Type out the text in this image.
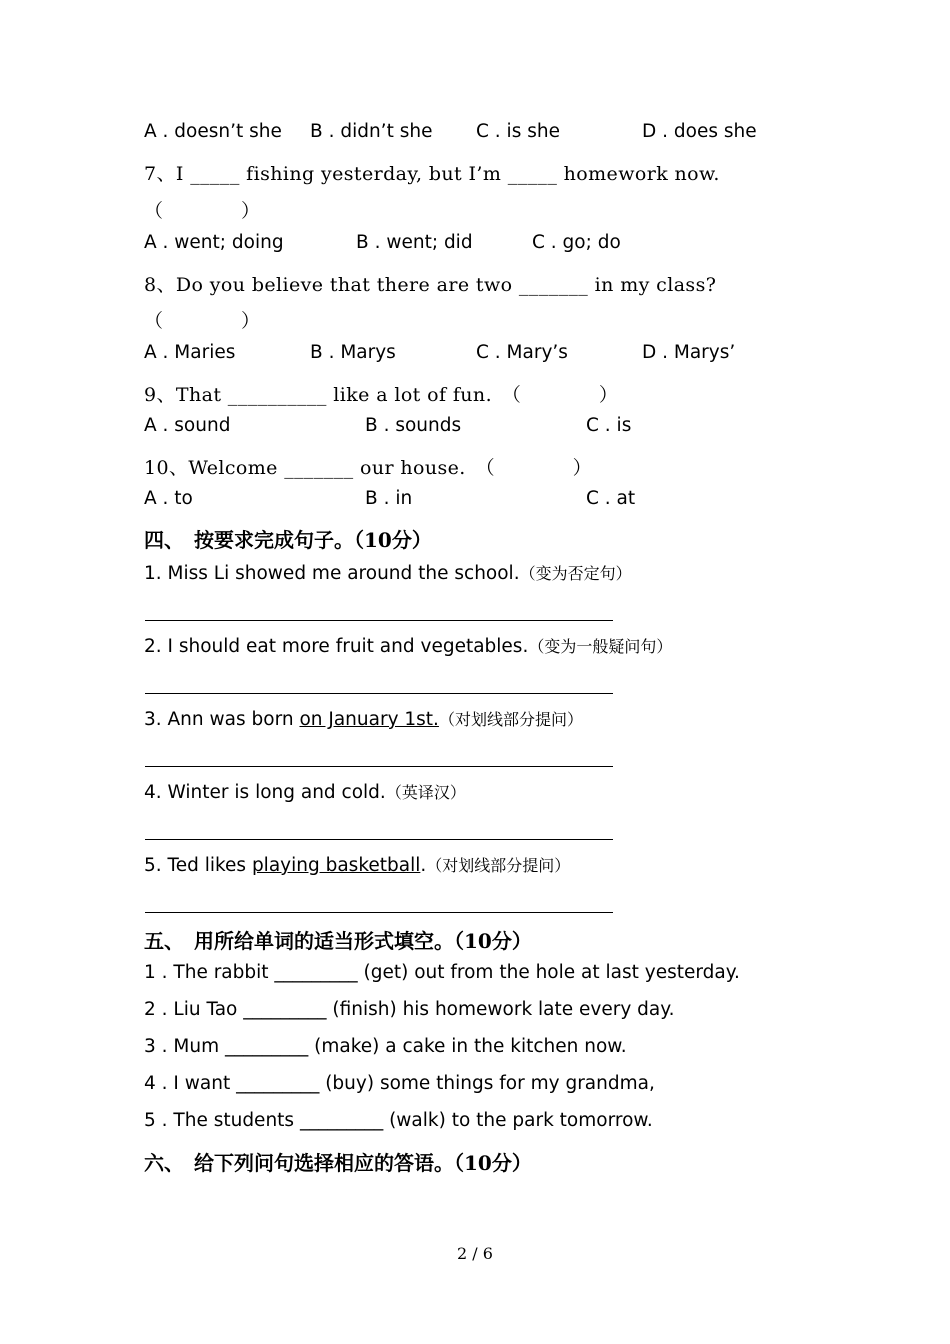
A . doesn’t she B . didn’t she C . is she	D . does she
7、I _____ fishing yesterday, but I’m _____ homework now.
（　　　　）
A . went; doing	B . went; did	C . go; do
8、Do you believe that there are two _______ in my class?
（　　　　）
A . Maries	B . Marys	C . Mary’s	D . Marys’
9、That __________ like a lot of fun.　（　　　　）
A . sound	B . sounds	C . is
10、Welcome _______ our house.　（　　　　）
A . to	B . in	C . at
四、　按要求完成句子。（10分）
1. Miss Li showed me around the school.（变为否定句）
2. I should eat more fruit and vegetables.（变为一般疑问句）
3. Ann was born on January 1st.（对划线部分提问）
4. Winter is long and cold.（英译汉）
5. Ted likes playing basketball.（对划线部分提问）
五、　用所给单词的适当形式填空。（10分）
1 . The rabbit _________ (get) out from the hole at last yesterday.
2 . Liu Tao _________ (finish) his homework late every day.
3 . Mum _________ (make) a cake in the kitchen now.
4 . I want _________ (buy) some things for my grandma,
5 . The students _________ (walk) to the park tomorrow.
六、　给下列问句选择相应的答语。（10分）
2 / 6
